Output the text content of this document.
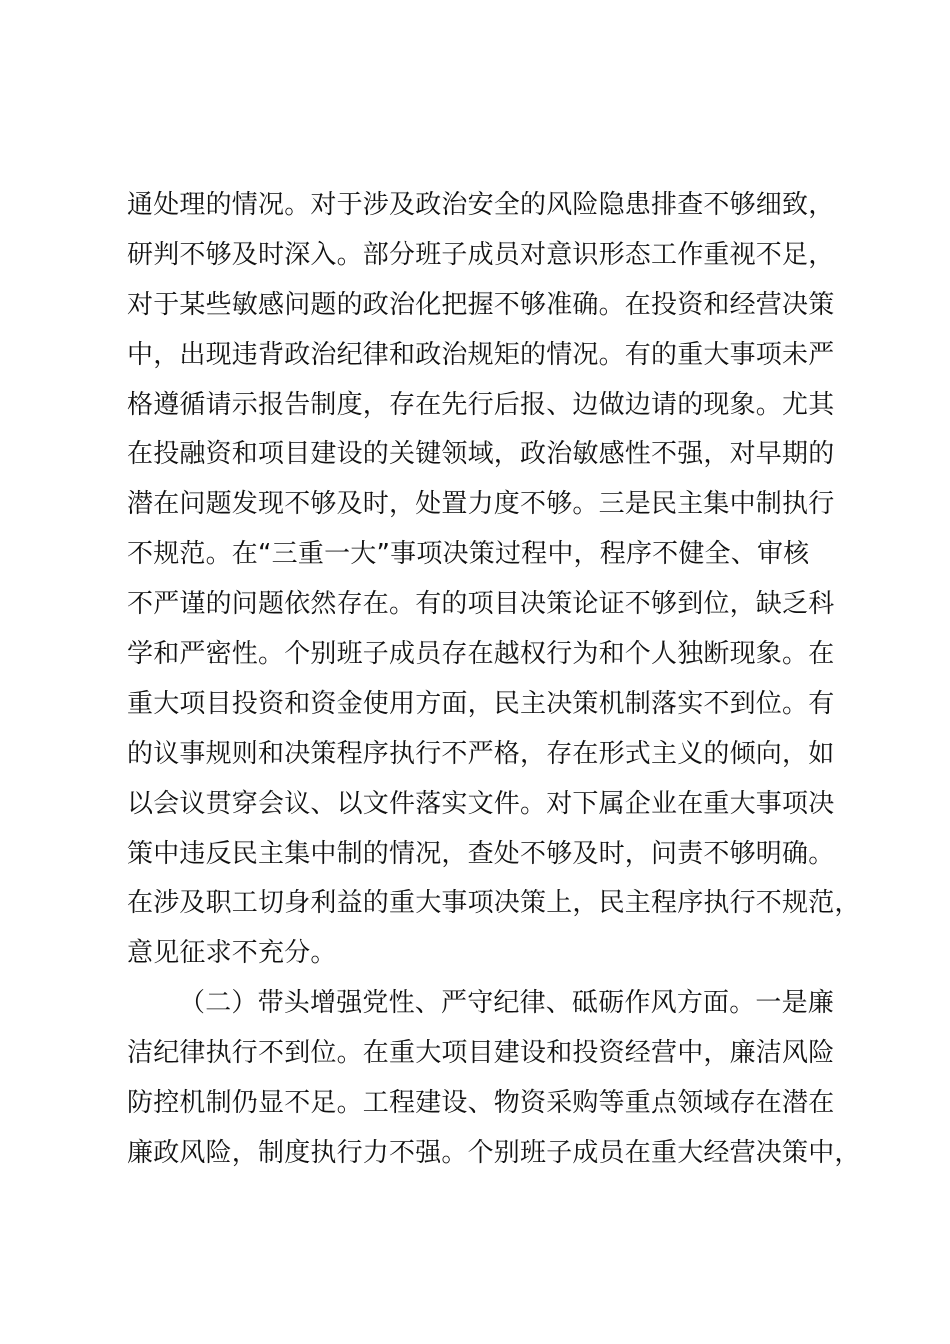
通处理的情况。对于涉及政治安全的风险隐患排查不够细致，
研判不够及时深入。部分班子成员对意识形态工作重视不足，
对于某些敏感问题的政治化把握不够准确。在投资和经营决策
中，出现违背政治纪律和政治规矩的情况。有的重大事项未严
格遵循请示报告制度，存在先行后报、边做边请的现象。尤其
在投融资和项目建设的关键领域，政治敏感性不强，对早期的
潜在问题发现不够及时，处置力度不够。三是民主集中制执行
不规范。在“三重一大”事项决策过程中，程序不健全、审核
不严谨的问题依然存在。有的项目决策论证不够到位，缺乏科
学和严密性。个别班子成员存在越权行为和个人独断现象。在
重大项目投资和资金使用方面，民主决策机制落实不到位。有
的议事规则和决策程序执行不严格，存在形式主义的倾向，如
以会议贯穿会议、以文件落实文件。对下属企业在重大事项决
策中违反民主集中制的情况，查处不够及时，问责不够明确。
在涉及职工切身利益的重大事项决策上，民主程序执行不规范，
意见征求不充分。
（二）带头增强党性、严守纪律、砥砺作风方面。一是廉
洁纪律执行不到位。在重大项目建设和投资经营中，廉洁风险
防控机制仍显不足。工程建设、物资采购等重点领域存在潜在
廉政风险，制度执行力不强。个别班子成员在重大经营决策中，
